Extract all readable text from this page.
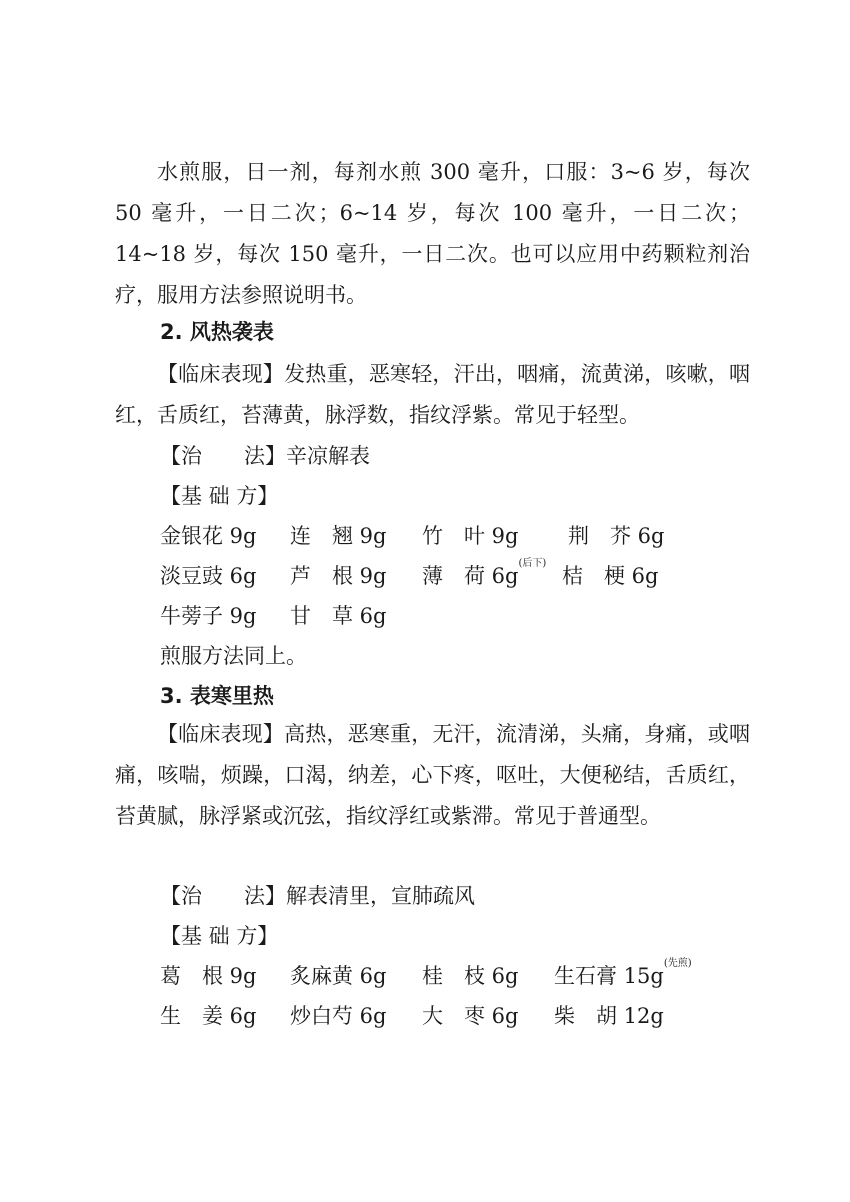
水煎服，日一剂，每剂水煎 300 毫升，口服：3~6 岁，每次 50 毫升，一日二次；6~14 岁，每次 100 毫升，一日二次；14~18 岁，每次 150 毫升，一日二次。也可以应用中药颗粒剂治疗，服用方法参照说明书。

2. 风热袭表

【临床表现】发热重，恶寒轻，汗出，咽痛，流黄涕，咳嗽，咽红，舌质红，苔薄黄，脉浮数，指纹浮紫。常见于轻型。

【治　　法】辛凉解表

【基 础 方】

金银花 9g 连　翘 9g 竹　叶 9g 荆　芥 6g
淡豆豉 6g 芦　根 9g 薄　荷 6g$^{(后下)}$
桔　梗 6g
牛蒡子 9g 甘　草 6g

煎服方法同上。

3. 表寒里热

【临床表现】高热，恶寒重，无汗，流清涕，头痛，身痛，或咽痛，咳喘，烦躁，口渴，纳差，心下疼，呕吐，大便秘结，舌质红，苔黄腻，脉浮紧或沉弦，指纹浮红或紫滞。常见于普通型。

【治　　法】解表清里，宣肺疏风

【基 础 方】

葛　根 9g 炙麻黄 6g 桂　枝 6g 生石膏 15g$^{(先煎)}$
生　姜 6g 炒白芍 6g 大　枣 6g 柴　胡 12g
